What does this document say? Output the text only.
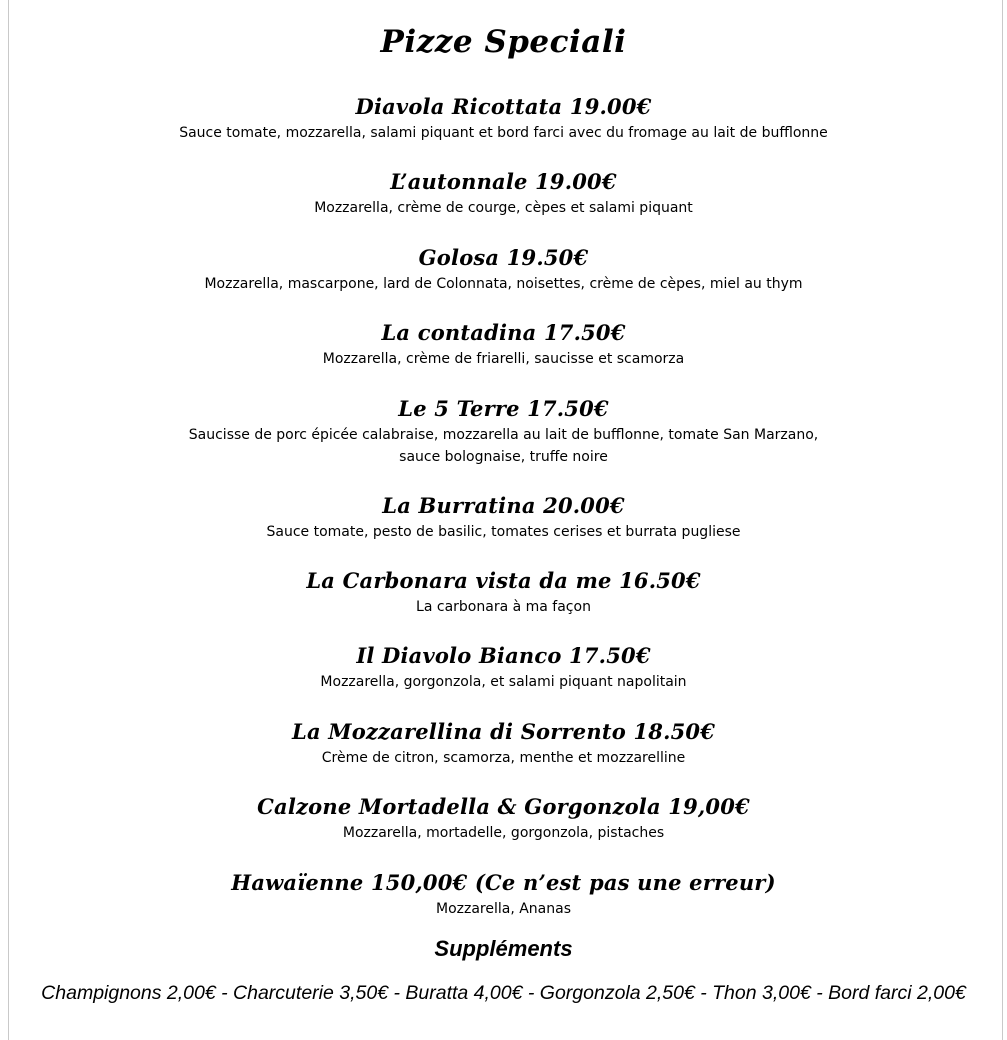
Pizze Speciali
Diavola Ricottata 19.00€
Sauce tomate, mozzarella, salami piquant et bord farci avec du fromage au lait de bufflonne
L’autonnale 19.00€
Mozzarella, crème de courge, cèpes et salami piquant
Golosa 19.50€
Mozzarella, mascarpone, lard de Colonnata, noisettes, crème de cèpes, miel au thym
La contadina 17.50€
Mozzarella, crème de friarelli, saucisse et scamorza
Le 5 Terre 17.50€
Saucisse de porc épicée calabraise, mozzarella au lait de bufflonne, tomate San Marzano,
sauce bolognaise, truffe noire
La Burratina 20.00€
Sauce tomate, pesto de basilic, tomates cerises et burrata pugliese
La Carbonara vista da me 16.50€
La carbonara à ma façon
Il Diavolo Bianco 17.50€
Mozzarella, gorgonzola, et salami piquant napolitain
La Mozzarellina di Sorrento 18.50€
Crème de citron, scamorza, menthe et mozzarelline
Calzone Mortadella & Gorgonzola 19,00€
Mozzarella, mortadelle, gorgonzola, pistaches
Hawaïenne 150,00€ (Ce n’est pas une erreur)
Mozzarella, Ananas
Suppléments
Champignons 2,00€ - Charcuterie 3,50€ - Buratta 4,00€ - Gorgonzola 2,50€ - Thon 3,00€ - Bord farci 2,00€
